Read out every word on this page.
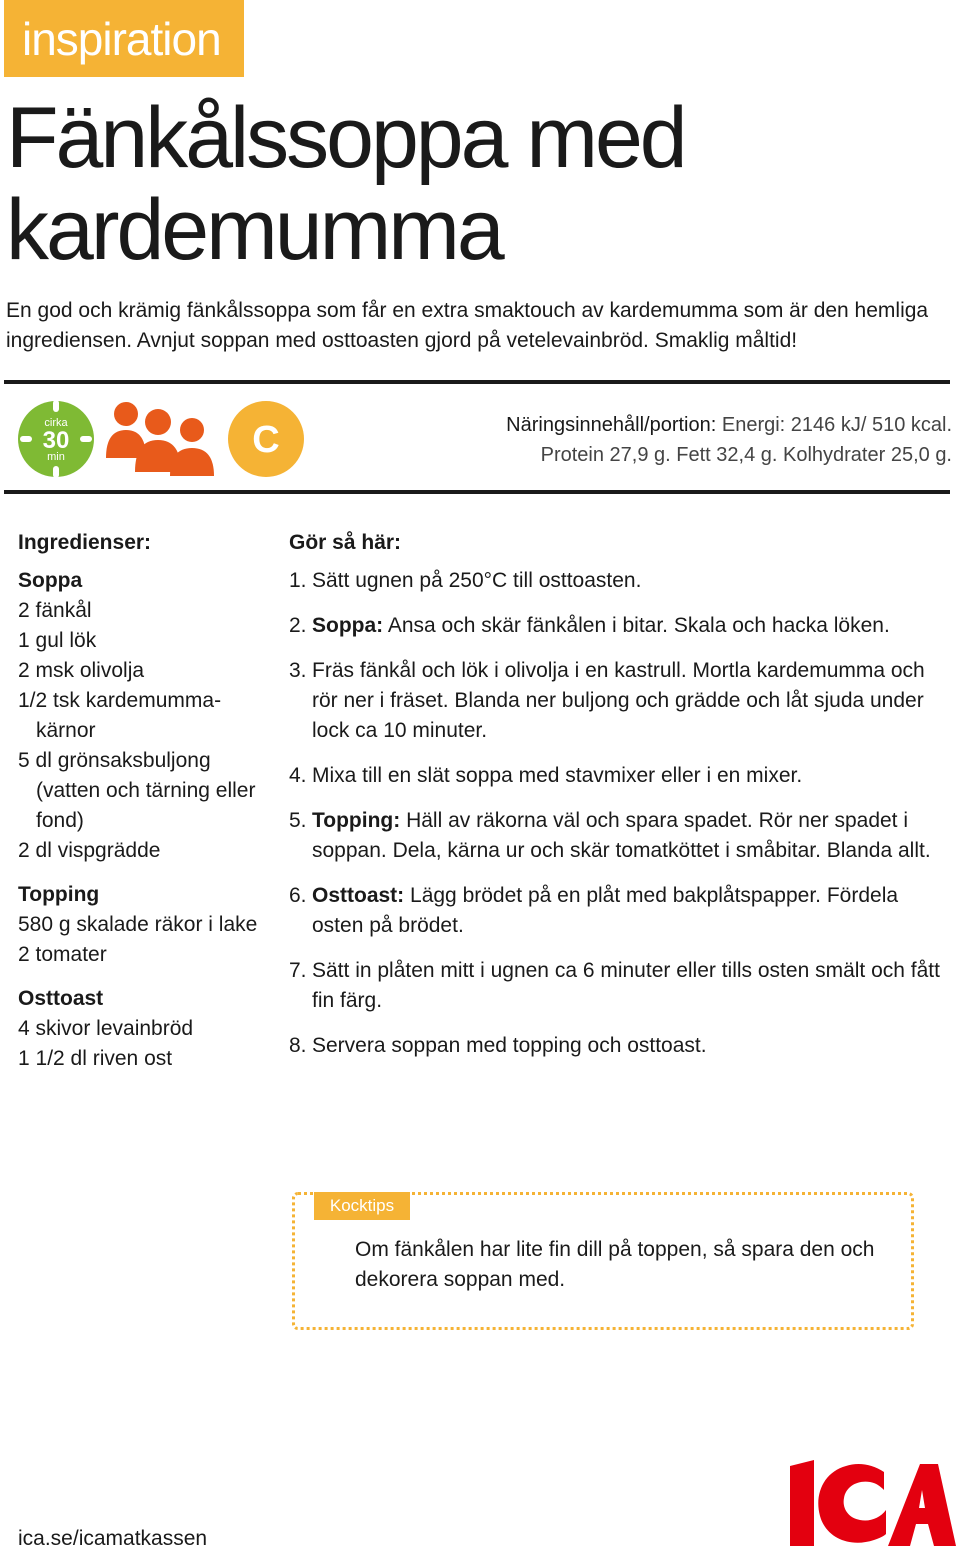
inspiration
Fänkålssoppa med kardemumma

En god och krämig fänkålssoppa som får en extra smaktouch av kardemumma som är den hemliga ingrediensen. Avnjut soppan med osttoasten gjord på vetelevainbröd. Smaklig måltid!

cirka
30
min	C	Näringsinnehåll/portion: Energi: 2146 kJ/ 510 kcal.
Protein 27,9 g. Fett 32,4 g. Kolhydrater 25,0 g.
Ingredienser:
Soppa
2 fänkål
1 gul lök
2 msk olivolja
1/2 tsk kardemumma-kärnor
5 dl grönsaksbuljong (vatten och tärning eller fond)
2 dl vispgrädde
Topping
580 g skalade räkor i lake
2 tomater
Osttoast
4 skivor levainbröd
1 1/2 dl riven ost
Gör så här:
1. Sätt ugnen på 250°C till osttoasten.
2. Soppa: Ansa och skär fänkålen i bitar. Skala och hacka löken.
3. Fräs fänkål och lök i olivolja i en kastrull. Mortla kardemumma och rör ner i fräset. Blanda ner buljong och grädde och låt sjuda under lock ca 10 minuter.
4. Mixa till en slät soppa med stavmixer eller i en mixer.
5. Topping: Häll av räkorna väl och spara spadet. Rör ner spadet i soppan. Dela, kärna ur och skär tomatköttet i småbitar. Blanda allt.
6. Osttoast: Lägg brödet på en plåt med bakplåtspapper. Fördela osten på brödet.
7. Sätt in plåten mitt i ugnen ca 6 minuter eller tills osten smält och fått fin färg.
8. Servera soppan med topping och osttoast.
Kocktips
Om fänkålen har lite fin dill på toppen, så spara den och dekorera soppan med.
ica.se/icamatkassen
